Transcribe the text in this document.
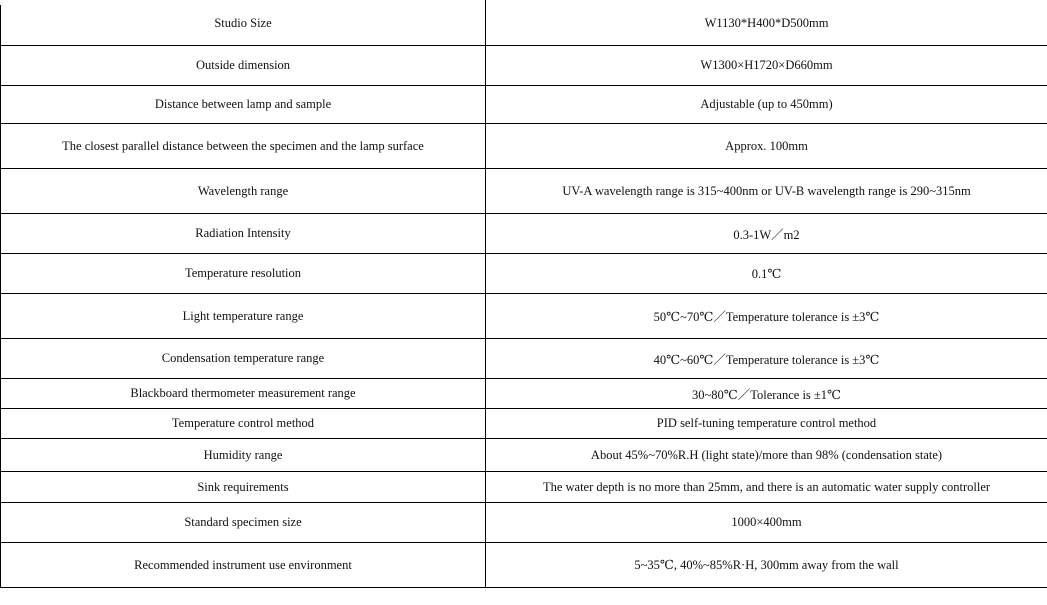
Studio Size	W1130*H400*D500mm
Outside dimension	W1300×H1720×D660mm
Distance between lamp and sample	Adjustable (up to 450mm)
The closest parallel distance between the specimen and the lamp surface	Approx. 100mm
Wavelength range	UV-A wavelength range is 315~400nm or UV-B wavelength range is 290~315nm
Radiation Intensity	0.3-1W／m2
Temperature resolution	0.1℃
Light temperature range	50℃~70℃／Temperature tolerance is ±3℃
Condensation temperature range	40℃~60℃／Temperature tolerance is ±3℃
Blackboard thermometer measurement range	30~80℃／Tolerance is ±1℃
Temperature control method	PID self-tuning temperature control method
Humidity range	About 45%~70%R.H (light state)/more than 98% (condensation state)
Sink requirements	The water depth is no more than 25mm, and there is an automatic water supply controller
Standard specimen size	1000×400mm
Recommended instrument use environment	5~35℃, 40%~85%R·H, 300mm away from the wall
